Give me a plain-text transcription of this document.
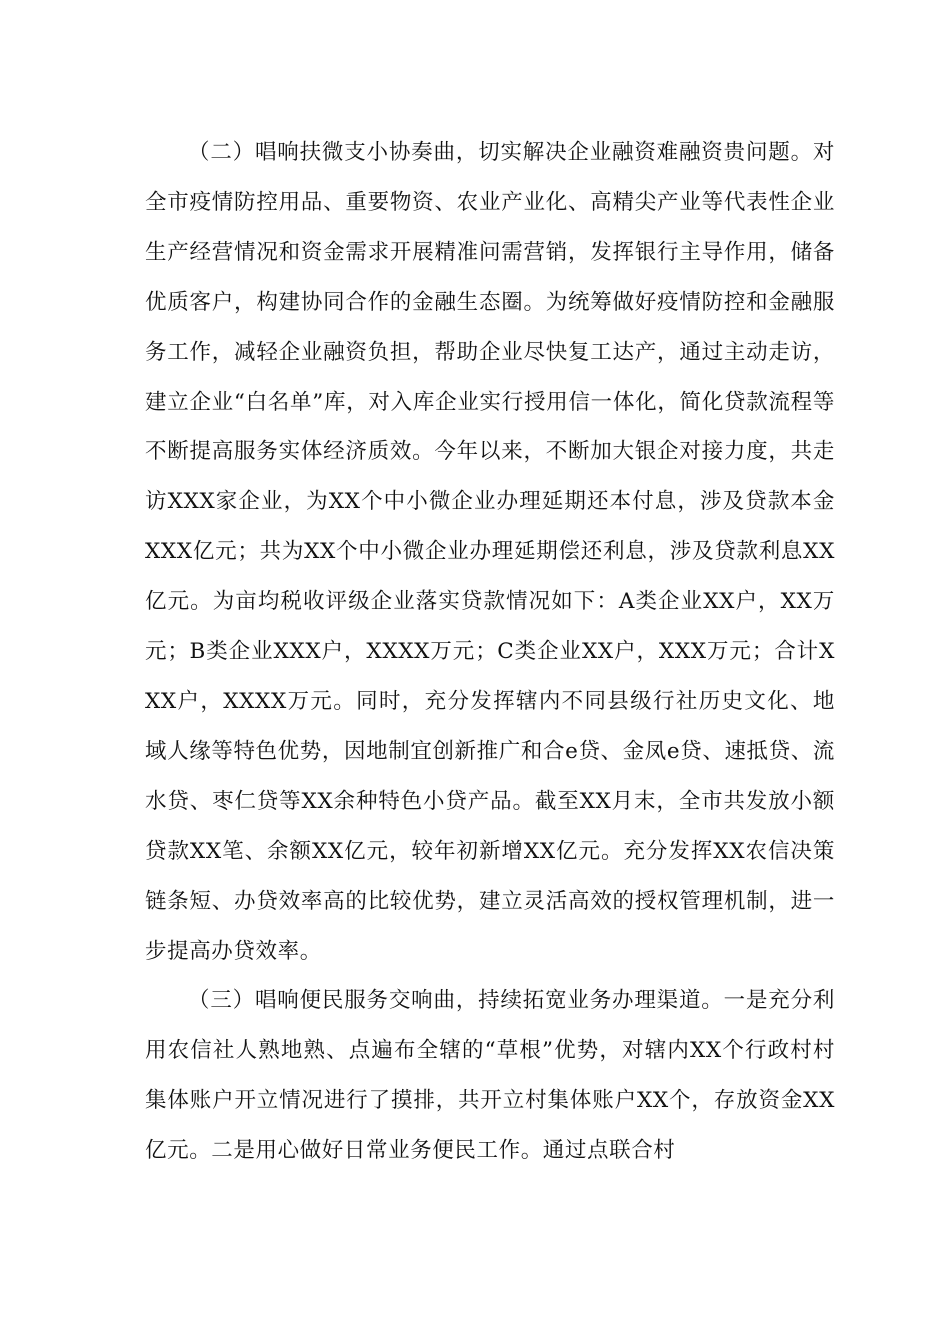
（二）唱响扶微支小协奏曲，切实解决企业融资难融资贵问题。对全市疫情防控用品、重要物资、农业产业化、高精尖产业等代表性企业生产经营情况和资金需求开展精准问需营销，发挥银行主导作用，储备优质客户，构建协同合作的金融生态圈。为统筹做好疫情防控和金融服务工作，减轻企业融资负担，帮助企业尽快复工达产，通过主动走访，建立企业“白名单”库，对入库企业实行授用信一体化，简化贷款流程等不断提高服务实体经济质效。今年以来，不断加大银企对接力度，共走访XXX家企业，为XX个中小微企业办理延期还本付息，涉及贷款本金XXX亿元；共为XX个中小微企业办理延期偿还利息，涉及贷款利息XX亿元。为亩均税收评级企业落实贷款情况如下：A类企业XX户，XX万元；B类企业XXX户，XXXX万元；C类企业XX户，XXX万元；合计XXX户，XXXX万元。同时，充分发挥辖内不同县级行社历史文化、地域人缘等特色优势，因地制宜创新推广和合e贷、金凤e贷、速抵贷、流水贷、枣仁贷等XX余种特色小贷产品。截至XX月末，全市共发放小额贷款XX笔、余额XX亿元，较年初新增XX亿元。充分发挥XX农信决策链条短、办贷效率高的比较优势，建立灵活高效的授权管理机制，进一步提高办贷效率。

（三）唱响便民服务交响曲，持续拓宽业务办理渠道。一是充分利用农信社人熟地熟、点遍布全辖的“草根”优势，对辖内XX个行政村村集体账户开立情况进行了摸排，共开立村集体账户XX个，存放资金XX亿元。二是用心做好日常业务便民工作。通过点联合村
